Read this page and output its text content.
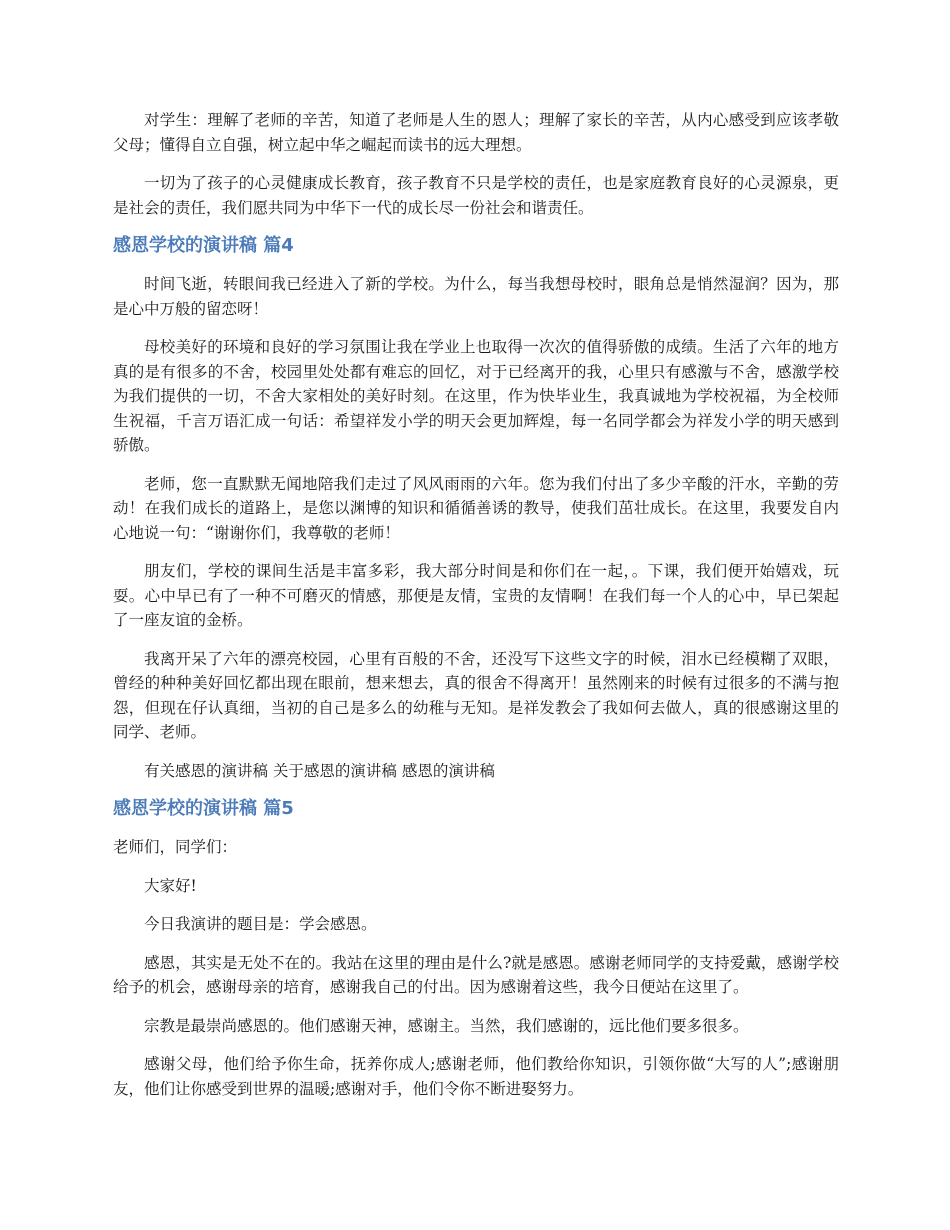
对学生：理解了老师的辛苦，知道了老师是人生的恩人；理解了家长的辛苦，从内心感受到应该孝敬父母；懂得自立自强，树立起中华之崛起而读书的远大理想。

一切为了孩子的心灵健康成长教育，孩子教育不只是学校的责任，也是家庭教育良好的心灵源泉，更是社会的责任，我们愿共同为中华下一代的成长尽一份社会和谐责任。

感恩学校的演讲稿 篇4

时间飞逝，转眼间我已经进入了新的学校。为什么，每当我想母校时，眼角总是悄然湿润？因为，那是心中万般的留恋呀！

母校美好的环境和良好的学习氛围让我在学业上也取得一次次的值得骄傲的成绩。生活了六年的地方真的是有很多的不舍，校园里处处都有难忘的回忆，对于已经离开的我，心里只有感激与不舍，感激学校为我们提供的一切，不舍大家相处的美好时刻。在这里，作为快毕业生，我真诚地为学校祝福，为全校师生祝福，千言万语汇成一句话：希望祥发小学的明天会更加辉煌，每一名同学都会为祥发小学的明天感到骄傲。

老师，您一直默默无闻地陪我们走过了风风雨雨的六年。您为我们付出了多少辛酸的汗水，辛勤的劳动！在我们成长的道路上，是您以渊博的知识和循循善诱的教导，使我们茁壮成长。在这里，我要发自内心地说一句：“谢谢你们，我尊敬的老师！

朋友们，学校的课间生活是丰富多彩，我大部分时间是和你们在一起，。下课，我们便开始嬉戏，玩耍。心中早已有了一种不可磨灭的情感，那便是友情，宝贵的友情啊！在我们每一个人的心中，早已架起了一座友谊的金桥。

我离开呆了六年的漂亮校园，心里有百般的不舍，还没写下这些文字的时候，泪水已经模糊了双眼，曾经的种种美好回忆都出现在眼前，想来想去，真的很舍不得离开！虽然刚来的时候有过很多的不满与抱怨，但现在仔认真细，当初的自己是多么的幼稚与无知。是祥发教会了我如何去做人，真的很感谢这里的同学、老师。

有关感恩的演讲稿 关于感恩的演讲稿 感恩的演讲稿

感恩学校的演讲稿 篇5

老师们，同学们：

大家好!

今日我演讲的题目是：学会感恩。

感恩，其实是无处不在的。我站在这里的理由是什么?就是感恩。感谢老师同学的支持爱戴，感谢学校给予的机会，感谢母亲的培育，感谢我自己的付出。因为感谢着这些，我今日便站在这里了。

宗教是最崇尚感恩的。他们感谢天神，感谢主。当然，我们感谢的，远比他们要多很多。

感谢父母，他们给予你生命，抚养你成人;感谢老师，他们教给你知识，引领你做“大写的人”;感谢朋友，他们让你感受到世界的温暖;感谢对手，他们令你不断进娶努力。
